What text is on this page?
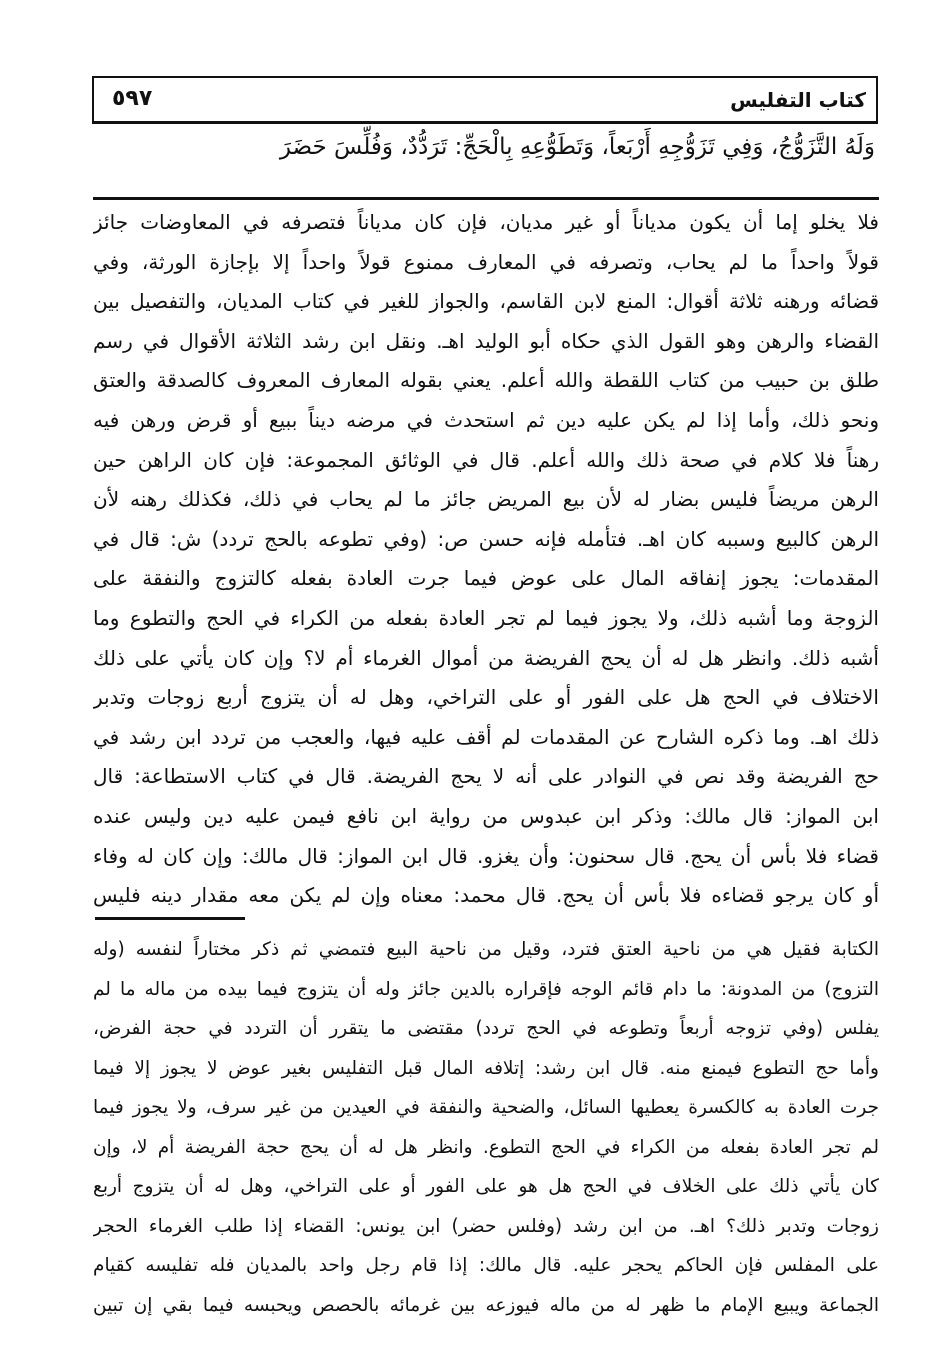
٥٩٧	كتاب التفليس
وَلَهُ التَّزَوُّجُ، وَفِي تَزَوُّجِهِ أَرْبَعاً، وَتَطَوُّعِهِ بِالْحَجِّ: تَرَدُّدٌ، وَفُلِّسَ حَضَرَ
فلا يخلو إما أن يكون مدياناً أو غير مديان، فإن كان مدياناً فتصرفه في المعاوضات جائز
قولاً واحداً ما لم يحاب، وتصرفه في المعارف ممنوع قولاً واحداً إلا بإجازة الورثة، وفي
قضائه ورهنه ثلاثة أقوال: المنع لابن القاسم، والجواز للغير في كتاب المديان، والتفصيل بين
القضاء والرهن وهو القول الذي حكاه أبو الوليد اهـ. ونقل ابن رشد الثلاثة الأقوال في رسم
طلق بن حبيب من كتاب اللقطة والله أعلم. يعني بقوله المعارف المعروف كالصدقة والعتق
ونحو ذلك، وأما إذا لم يكن عليه دين ثم استحدث في مرضه ديناً ببيع أو قرض ورهن فيه
رهناً فلا كلام في صحة ذلك والله أعلم. قال في الوثائق المجموعة: فإن كان الراهن حين
الرهن مريضاً فليس بضار له لأن بيع المريض جائز ما لم يحاب في ذلك، فكذلك رهنه لأن
الرهن كالبيع وسببه كان اهـ. فتأمله فإنه حسن ص: (وفي تطوعه بالحج تردد) ش: قال في
المقدمات: يجوز إنفاقه المال على عوض فيما جرت العادة بفعله كالتزوج والنفقة على
الزوجة وما أشبه ذلك، ولا يجوز فيما لم تجر العادة بفعله من الكراء في الحج والتطوع وما
أشبه ذلك. وانظر هل له أن يحج الفريضة من أموال الغرماء أم لا؟ وإن كان يأتي على ذلك
الاختلاف في الحج هل على الفور أو على التراخي، وهل له أن يتزوج أربع زوجات وتدبر
ذلك اهـ. وما ذكره الشارح عن المقدمات لم أقف عليه فيها، والعجب من تردد ابن رشد في
حج الفريضة وقد نص في النوادر على أنه لا يحج الفريضة. قال في كتاب الاستطاعة: قال
ابن المواز: قال مالك: وذكر ابن عبدوس من رواية ابن نافع فيمن عليه دين وليس عنده
قضاء فلا بأس أن يحج. قال سحنون: وأن يغزو. قال ابن المواز: قال مالك: وإن كان له وفاء
أو كان يرجو قضاءه فلا بأس أن يحج. قال محمد: معناه وإن لم يكن معه مقدار دينه فليس
الكتابة فقيل هي من ناحية العتق فترد، وقيل من ناحية البيع فتمضي ثم ذكر مختاراً لنفسه (وله
التزوج) من المدونة: ما دام قائم الوجه فإقراره بالدين جائز وله أن يتزوج فيما بيده من ماله ما لم
يفلس (وفي تزوجه أربعاً وتطوعه في الحج تردد) مقتضى ما يتقرر أن التردد في حجة الفرض،
وأما حج التطوع فيمنع منه. قال ابن رشد: إتلافه المال قبل التفليس بغير عوض لا يجوز إلا فيما
جرت العادة به كالكسرة يعطيها السائل، والضحية والنفقة في العيدين من غير سرف، ولا يجوز فيما
لم تجر العادة بفعله من الكراء في الحج التطوع. وانظر هل له أن يحج حجة الفريضة أم لا، وإن
كان يأتي ذلك على الخلاف في الحج هل هو على الفور أو على التراخي، وهل له أن يتزوج أربع
زوجات وتدبر ذلك؟ اهـ. من ابن رشد (وفلس حضر) ابن يونس: القضاء إذا طلب الغرماء الحجر
على المفلس فإن الحاكم يحجر عليه. قال مالك: إذا قام رجل واحد بالمديان فله تفليسه كقيام
الجماعة ويبيع الإمام ما ظهر له من ماله فيوزعه بين غرمائه بالحصص ويحبسه فيما بقي إن تبين
